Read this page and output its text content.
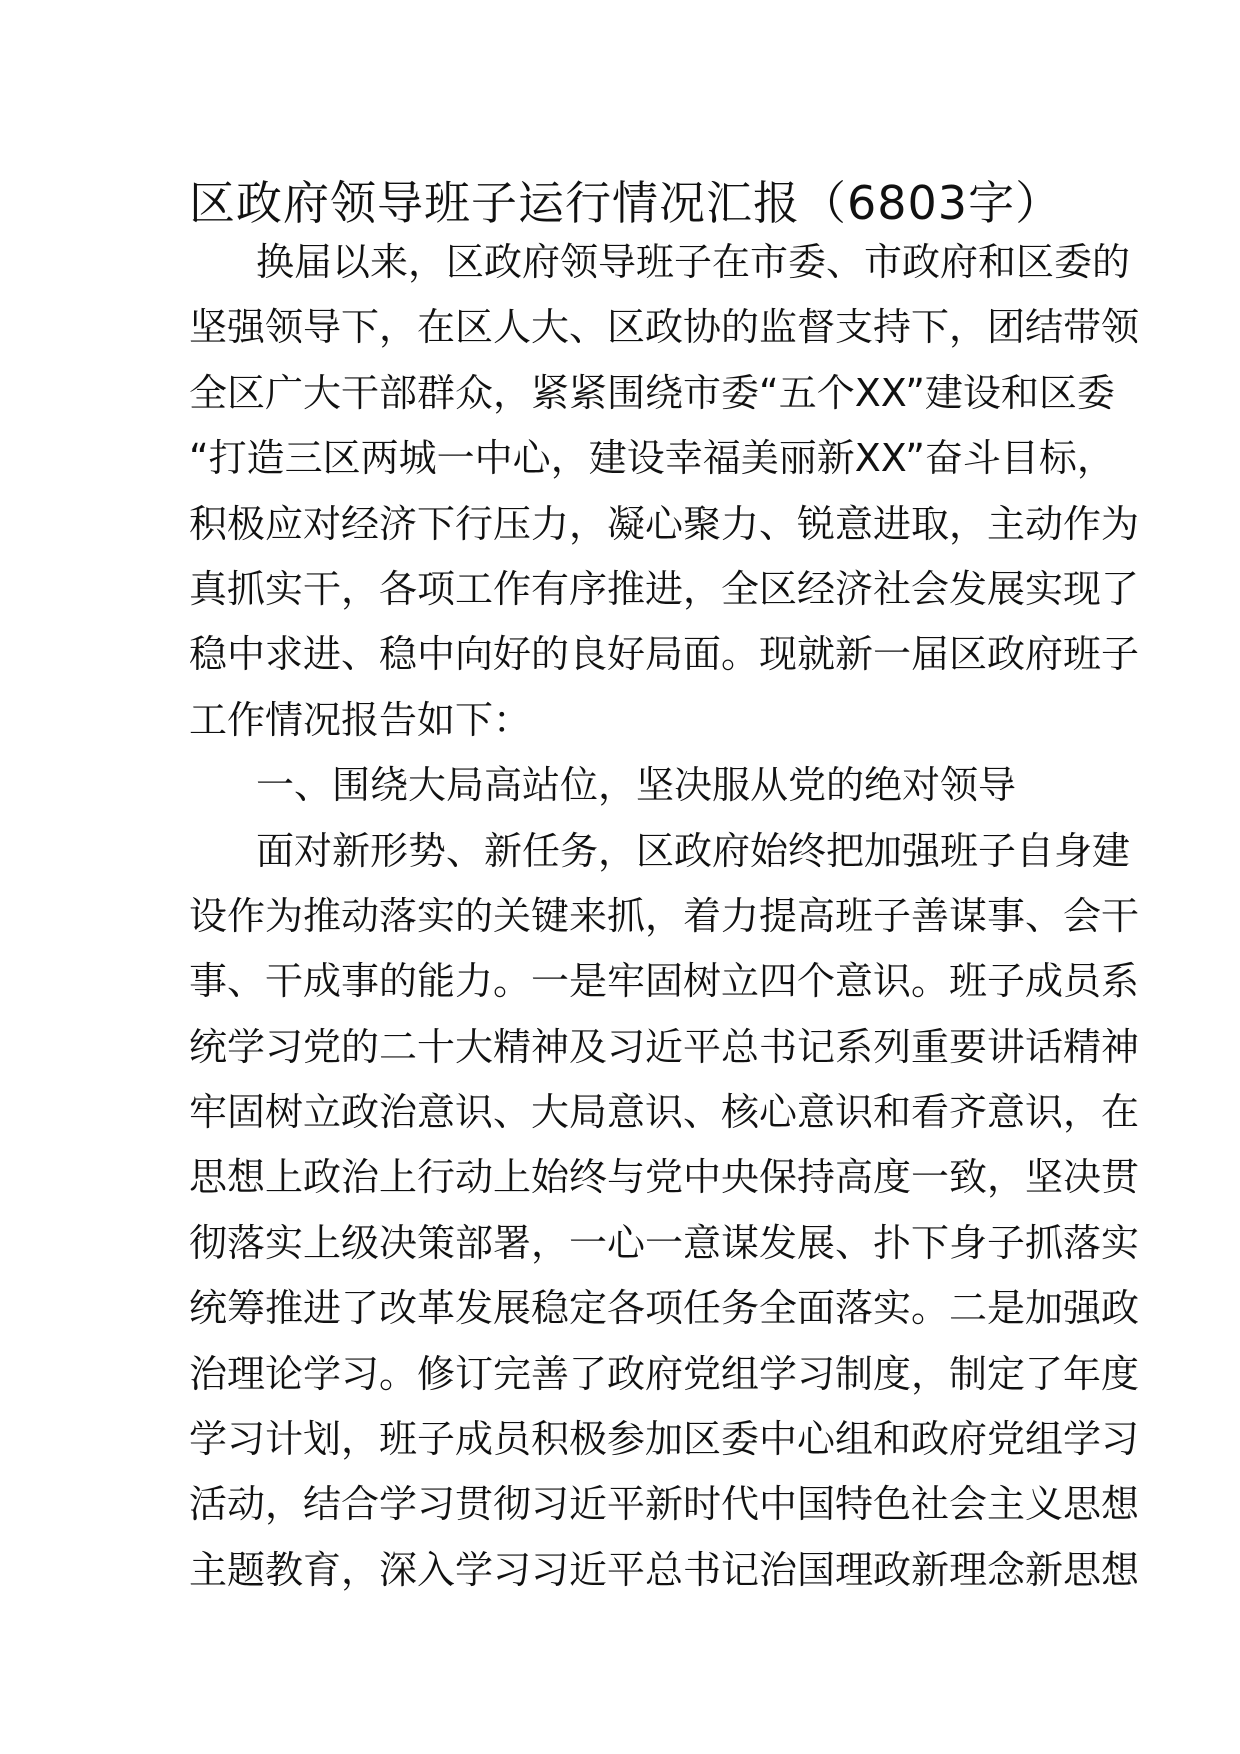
区政府领导班子运行情况汇报（6803字）
换届以来，区政府领导班子在市委、市政府和区委的
坚强领导下，在区人大、区政协的监督支持下，团结带领
全区广大干部群众，紧紧围绕市委“五个XX”建设和区委
“打造三区两城一中心，建设幸福美丽新XX”奋斗目标，
积极应对经济下行压力，凝心聚力、锐意进取，主动作为
真抓实干，各项工作有序推进，全区经济社会发展实现了
稳中求进、稳中向好的良好局面。现就新一届区政府班子
工作情况报告如下：
一、围绕大局高站位，坚决服从党的绝对领导
面对新形势、新任务，区政府始终把加强班子自身建
设作为推动落实的关键来抓，着力提高班子善谋事、会干
事、干成事的能力。一是牢固树立四个意识。班子成员系
统学习党的二十大精神及习近平总书记系列重要讲话精神
牢固树立政治意识、大局意识、核心意识和看齐意识，在
思想上政治上行动上始终与党中央保持高度一致，坚决贯
彻落实上级决策部署，一心一意谋发展、扑下身子抓落实
统筹推进了改革发展稳定各项任务全面落实。二是加强政
治理论学习。修订完善了政府党组学习制度，制定了年度
学习计划，班子成员积极参加区委中心组和政府党组学习
活动，结合学习贯彻习近平新时代中国特色社会主义思想
主题教育，深入学习习近平总书记治国理政新理念新思想
